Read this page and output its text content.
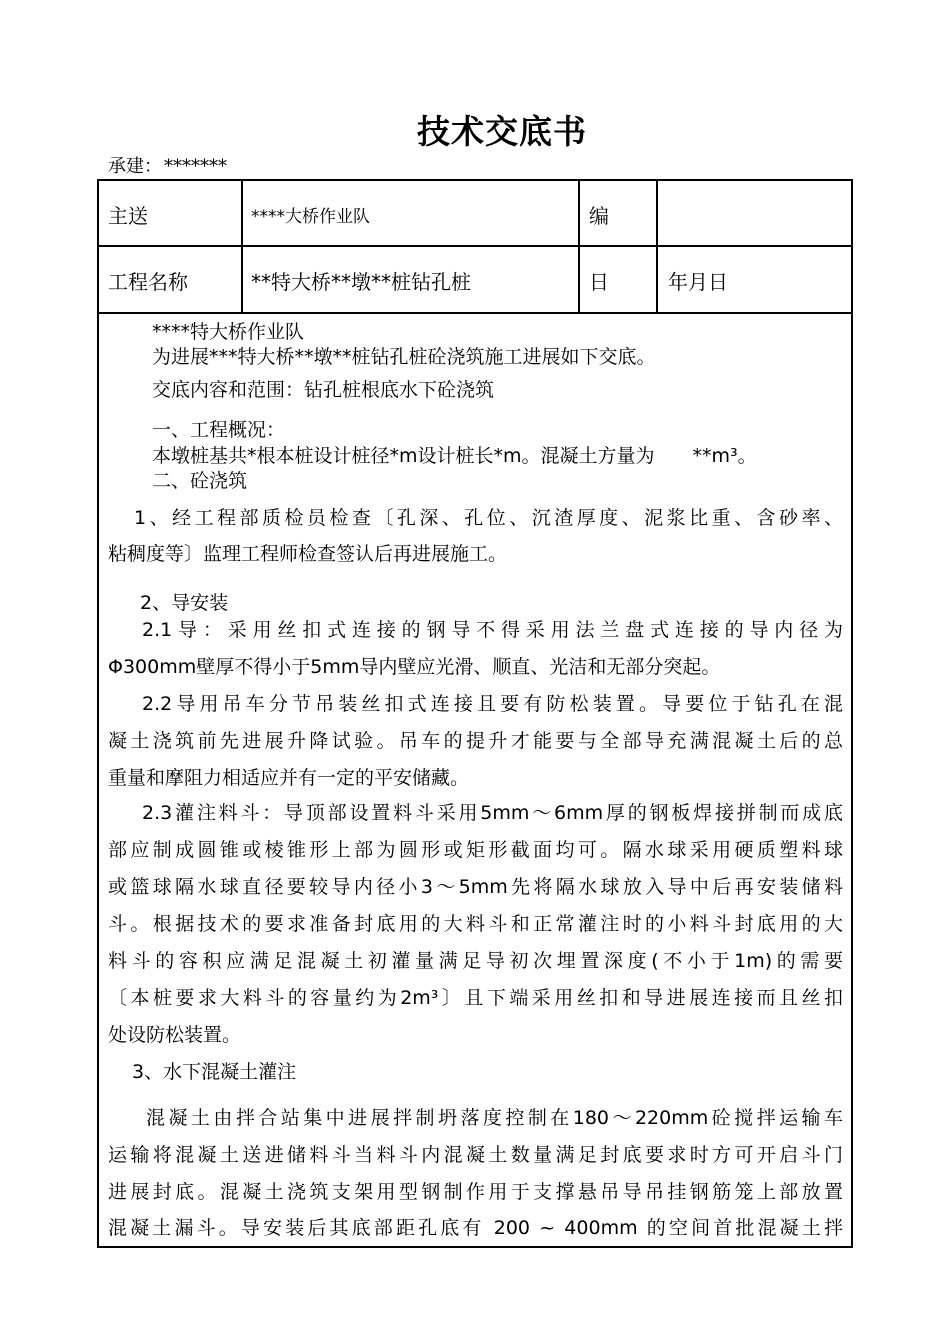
技术交底书
承建： *******
主送	****大桥作业队	编
工程名称	**特大桥**墩**桩钻孔桩	日	年月日
****特大桥作业队
为进展***特大桥**墩**桩钻孔桩砼浇筑施工进展如下交底。
交底内容和范围：钻孔桩根底水下砼浇筑
一、工程概况：
本墩桩基共*根本桩设计桩径*m设计桩长*m。混凝土方量为　　**m³。
二、砼浇筑
1、经工程部质检员检查〔孔深、孔位、沉渣厚度、泥浆比重、含砂率、
粘稠度等〕监理工程师检查签认后再进展施工。
2、导安装
2.1导：采用丝扣式连接的钢导不得采用法兰盘式连接的导内径为
Φ300mm壁厚不得小于5mm导内壁应光滑、顺直、光洁和无部分突起。
2.2导用吊车分节吊装丝扣式连接且要有防松装置。导要位于钻孔在混
凝土浇筑前先进展升降试验。吊车的提升才能要与全部导充满混凝土后的总
重量和摩阻力相适应并有一定的平安储藏。
2.3灌注料斗：导顶部设置料斗采用5mm～6mm厚的钢板焊接拼制而成底
部应制成圆锥或棱锥形上部为圆形或矩形截面均可。隔水球采用硬质塑料球
或篮球隔水球直径要较导内径小3～5mm先将隔水球放入导中后再安装储料
斗。根据技术的要求准备封底用的大料斗和正常灌注时的小料斗封底用的大
料斗的容积应满足混凝土初灌量满足导初次埋置深度(不小于1m)的需要
〔本桩要求大料斗的容量约为2m³〕且下端采用丝扣和导进展连接而且丝扣
处设防松装置。
3、水下混凝土灌注
混凝土由拌合站集中进展拌制坍落度控制在180～220mm砼搅拌运输车
运输将混凝土送进储料斗当料斗内混凝土数量满足封底要求时方可开启斗门
进展封底。混凝土浇筑支架用型钢制作用于支撑悬吊导吊挂钢筋笼上部放置
混凝土漏斗。导安装后其底部距孔底有 200 ~ 400mm 的空间首批混凝土拌
